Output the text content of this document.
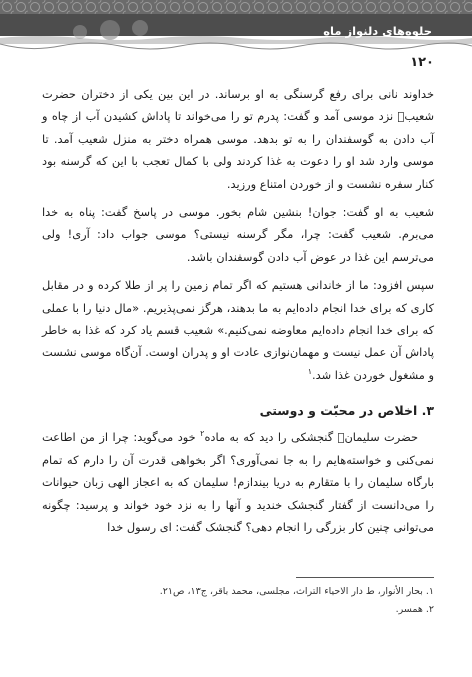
جلوه‌های دلنواز ماه
۱۲۰

خداوند نانی برای رفع گرسنگی به او برساند. در این بین یکی از دختران حضرت شعیبؑ نزد موسی آمد و گفت: پدرم تو را می‌خواند تا پاداش کشیدن آب از چاه و آب دادن به گوسفندان را به تو بدهد. موسی همراه دختر به منزل شعیب آمد. تا موسی وارد شد او را دعوت به غذا کردند ولی با کمال تعجب با این که گرسنه بود کنار سفره نشست و از خوردن امتناع ورزید.

شعیب به او گفت: جوان! بنشین شام بخور. موسی در پاسخ گفت: پناه به خدا می‌برم. شعیب گفت: چرا، مگر گرسنه نیستی؟ موسی جواب داد: آری! ولی می‌ترسم این غذا در عوض آب دادن گوسفندان باشد.

سپس افزود: ما از خاندانی هستیم که اگر تمام زمین را پر از طلا کرده و در مقابل کاری که برای خدا انجام داده‌ایم به ما بدهند، هرگز نمی‌پذیریم. «مال دنیا را با عملی که برای خدا انجام داده‌ایم معاوضه نمی‌کنیم.» شعیب قسم یاد کرد که غذا به خاطر پاداش آن عمل نیست و مهمان‌نوازی عادت او و پدران اوست. آن‌گاه موسی نشست و مشغول خوردن غذا شد.$^۱$

۳. اخلاص در محبّت و دوستی

حضرت سلیمانؑ گنجشکی را دید که به ماده$^۲$ خود می‌گوید: چرا از من اطاعت نمی‌کنی و خواسته‌هایم را به جا نمی‌آوری؟ اگر بخواهی قدرت آن را دارم که تمام بارگاه سلیمان را با متقارم به دریا بیندازم! سلیمان که به اعجاز الهی زبان حیوانات را می‌دانست از گفتار گنجشک خندید و آنها را به نزد خود خواند و پرسید: چگونه می‌توانی چنین کار بزرگی را انجام دهی؟ گنجشک گفت: ای رسول خدا

۱. بحار الأنوار، ط دار الاحیاء التراث، مجلسی، محمد باقر، ج۱۳، ص۲۱.

۲. همسر.
